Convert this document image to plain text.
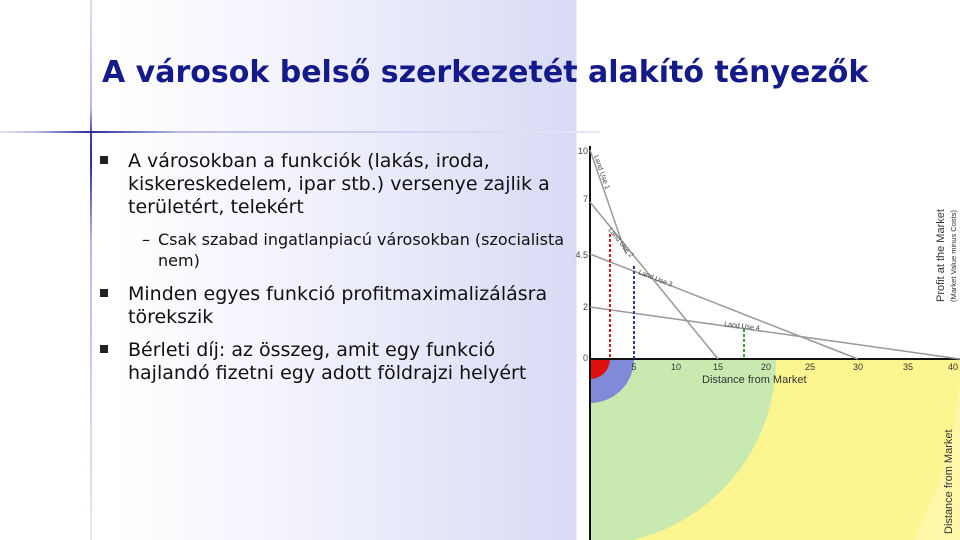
A városok belső szerkezetét alakító tényezők
A városokban a funkciók (lakás, iroda, kiskereskedelem, ipar stb.) versenye zajlik a területért, telekért
– Csak szabad ingatlanpiacú városokban (szocialista nem)
Minden egyes funkció profitmaximalizálásra törekszik
Bérleti díj: az összeg, amit egy funkció hajlandó fizetni egy adott földrajzi helyért
10
7
4.5
2
0
5	10	15	20	25	30	35	40
Distance from Market
Land Use 1
Land Use 2
Land Use 3
Land Use 4
Profit at the Market (Market Value minus Costs)
Distance from Market
